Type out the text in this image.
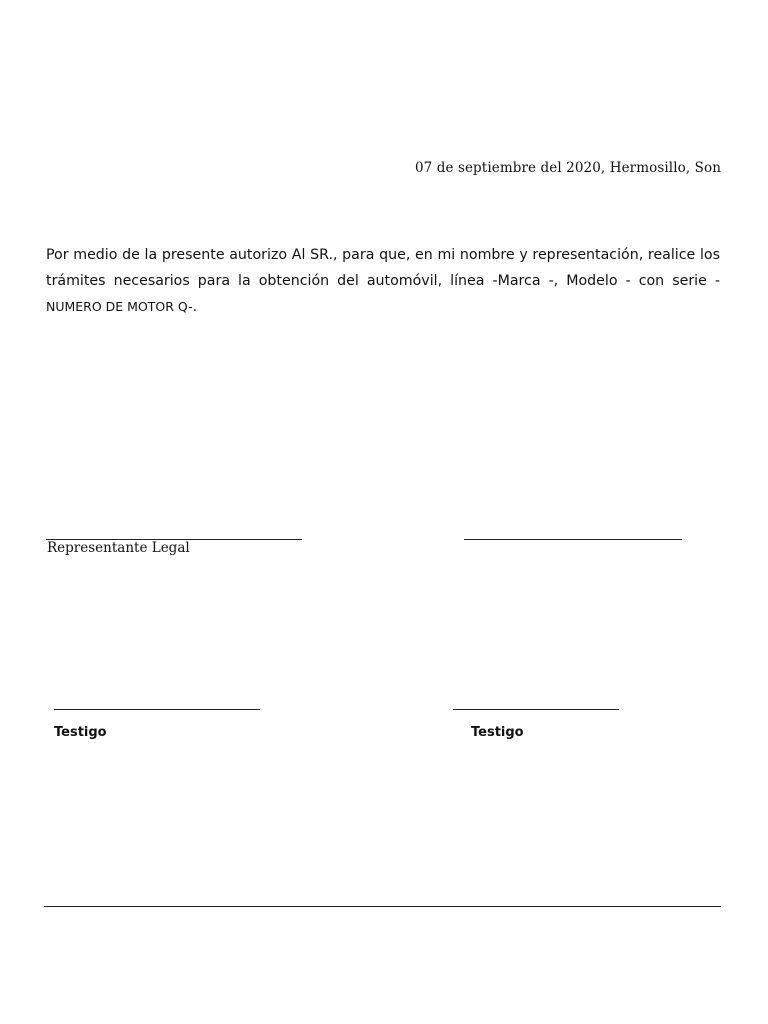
07 de septiembre del 2020, Hermosillo, Son
Por medio de la presente autorizo Al SR., para que, en mi nombre y representación, realice los trámites necesarios para la obtención del automóvil, línea -Marca -, Modelo - con serie - NUMERO DE MOTOR Q-.
Representante Legal
Testigo	Testigo
